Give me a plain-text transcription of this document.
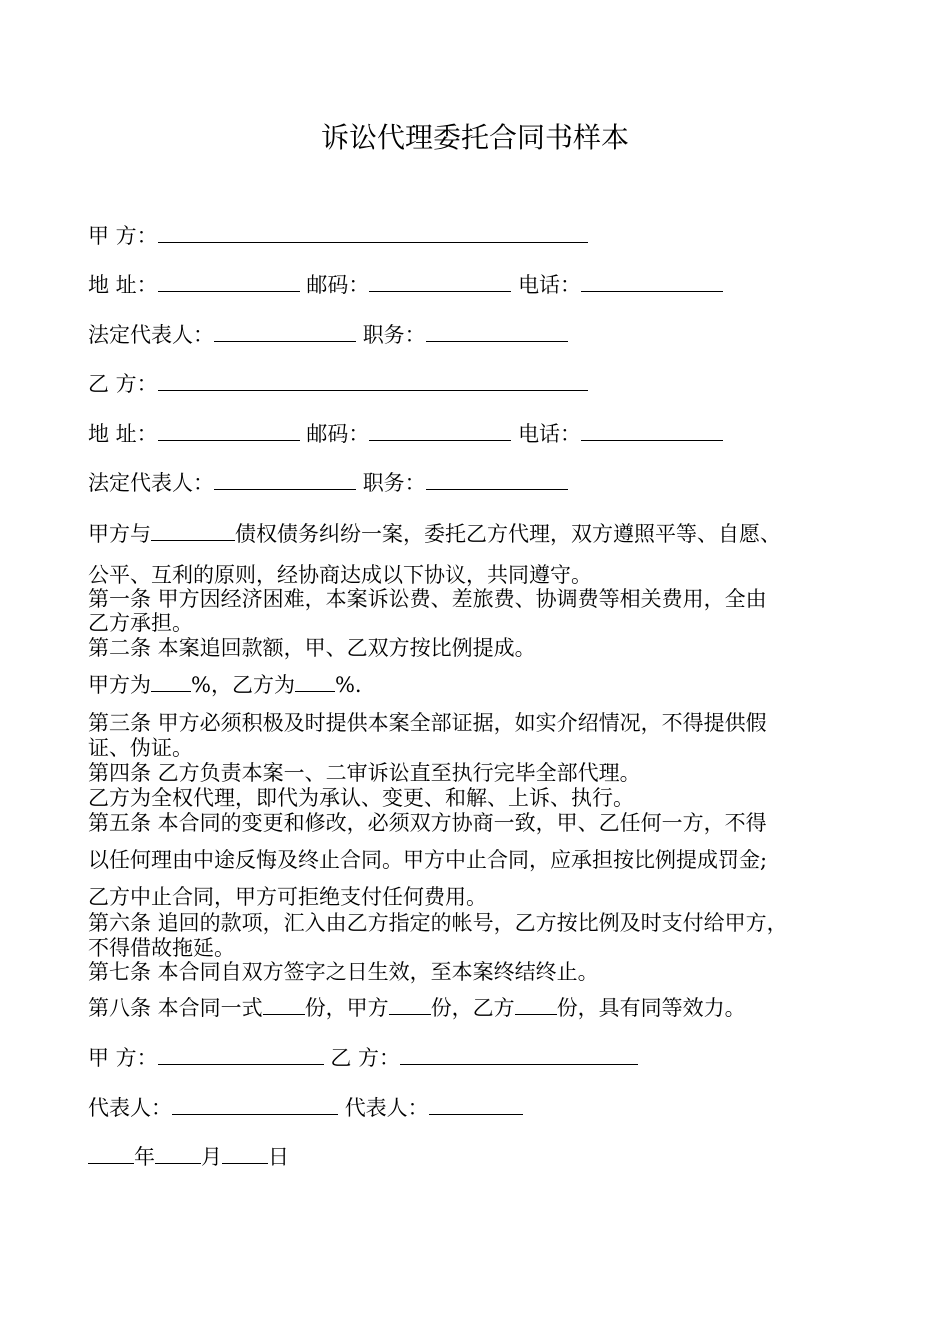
诉讼代理委托合同书样本
甲 方：
地 址：	邮码：	电话：
法定代表人：	职务：
乙 方：
地 址：	邮码：	电话：
法定代表人：	职务：
甲方与	债权债务纠纷一案，委托乙方代理，双方遵照平等、自愿、
公平、互利的原则，经协商达成以下协议，共同遵守。
第一条 甲方因经济困难，本案诉讼费、差旅费、协调费等相关费用，全由
乙方承担。
第二条 本案追回款额，甲、乙双方按比例提成。
甲方为 %，乙方为 %.
第三条 甲方必须积极及时提供本案全部证据，如实介绍情况，不得提供假
证、伪证。
第四条 乙方负责本案一、二审诉讼直至执行完毕全部代理。
乙方为全权代理，即代为承认、变更、和解、上诉、执行。
第五条 本合同的变更和修改，必须双方协商一致，甲、乙任何一方，不得
以任何理由中途反悔及终止合同。甲方中止合同，应承担按比例提成罚金;
乙方中止合同，甲方可拒绝支付任何费用。
第六条 追回的款项，汇入由乙方指定的帐号，乙方按比例及时支付给甲方，
不得借故拖延。
第七条 本合同自双方签字之日生效，至本案终结终止。
第八条 本合同一式 份，甲方 份，乙方 份，具有同等效力。
甲 方：	乙 方：
代表人：	代表人：
年 月 日
